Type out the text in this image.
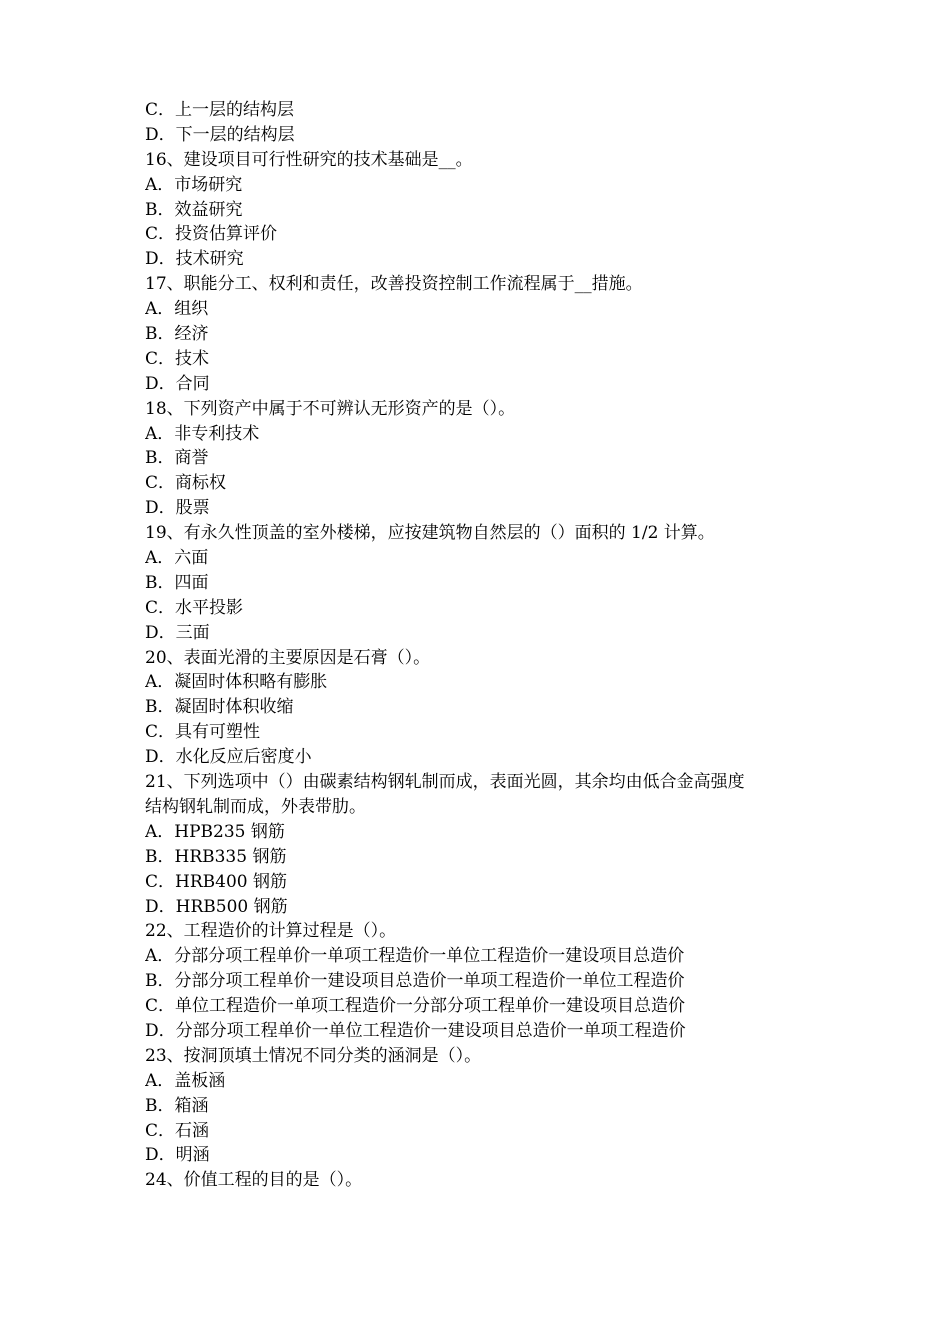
C．上一层的结构层
D．下一层的结构层
16、建设项目可行性研究的技术基础是__。
A．市场研究
B．效益研究
C．投资估算评价
D．技术研究
17、职能分工、权利和责任，改善投资控制工作流程属于__措施。
A．组织
B．经济
C．技术
D．合同
18、下列资产中属于不可辨认无形资产的是（）。
A．非专利技术
B．商誉
C．商标权
D．股票
19、有永久性顶盖的室外楼梯，应按建筑物自然层的（）面积的 1/2 计算。
A．六面
B．四面
C．水平投影
D．三面
20、表面光滑的主要原因是石膏（）。
A．凝固时体积略有膨胀
B．凝固时体积收缩
C．具有可塑性
D．水化反应后密度小
21、下列选项中（）由碳素结构钢轧制而成，表面光圆，其余均由低合金高强度
结构钢轧制而成，外表带肋。
A．HPB235 钢筋
B．HRB335 钢筋
C．HRB400 钢筋
D．HRB500 钢筋
22、工程造价的计算过程是（）。
A．分部分项工程单价一单项工程造价一单位工程造价一建设项目总造价
B．分部分项工程单价一建设项目总造价一单项工程造价一单位工程造价
C．单位工程造价一单项工程造价一分部分项工程单价一建设项目总造价
D．分部分项工程单价一单位工程造价一建设项目总造价一单项工程造价
23、按洞顶填土情况不同分类的涵洞是（）。
A．盖板涵
B．箱涵
C．石涵
D．明涵
24、价值工程的目的是（）。
